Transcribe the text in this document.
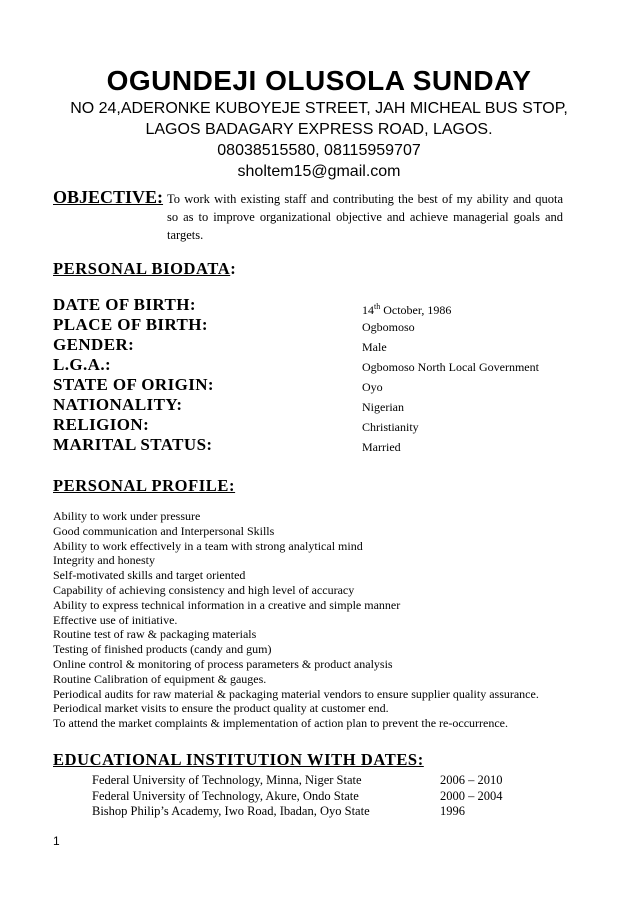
OGUNDEJI OLUSOLA SUNDAY
NO 24,ADERONKE KUBOYEJE STREET, JAH MICHEAL BUS STOP,
LAGOS BADAGARY EXPRESS ROAD, LAGOS.
08038515580, 08115959707
sholtem15@gmail.com
OBJECTIVE: To work with existing staff and contributing the best of my ability and quota so as to improve organizational objective and achieve managerial goals and targets.
PERSONAL BIODATA:
DATE OF BIRTH:	14th October, 1986
PLACE OF BIRTH:	Ogbomoso
GENDER:	Male
L.G.A.:	Ogbomoso North Local Government
STATE OF ORIGIN:	Oyo
NATIONALITY:	Nigerian
RELIGION:	Christianity
MARITAL STATUS:	Married
PERSONAL PROFILE:
Ability to work under pressure
Good communication and Interpersonal Skills
Ability to work effectively in a team with strong analytical mind
Integrity and honesty
Self-motivated skills and target oriented
Capability of achieving consistency and high level of accuracy
Ability to express technical information in a creative and simple manner
Effective use of initiative.
Routine test of raw & packaging materials
Testing of finished products (candy and gum)
Online control & monitoring of process parameters & product analysis
Routine Calibration of equipment & gauges.
Periodical audits for raw material & packaging material vendors to ensure supplier quality assurance.
Periodical market visits to ensure the product quality at customer end.
To attend the market complaints & implementation of action plan to prevent the re-occurrence.
EDUCATIONAL INSTITUTION WITH DATES:
Federal University of Technology, Minna, Niger State	2006 – 2010
Federal University of Technology, Akure, Ondo State	2000 – 2004
Bishop Philip’s Academy, Iwo Road, Ibadan, Oyo State	1996
1
